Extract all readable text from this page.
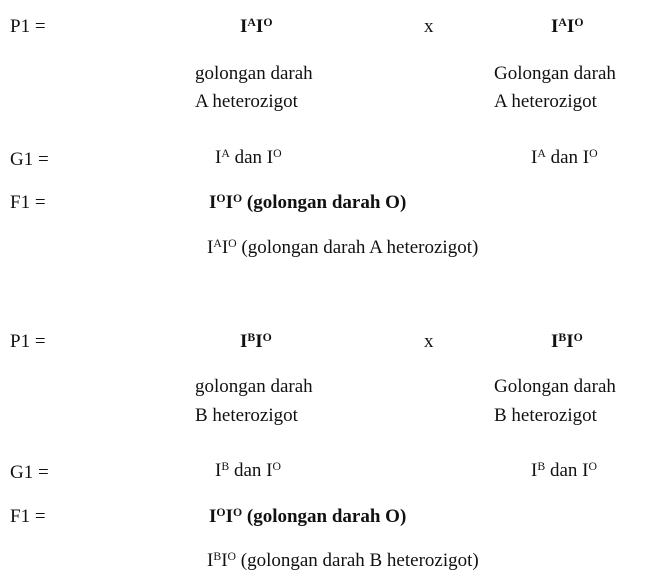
P1 =	$I^AI^O$	x	$I^AI^O$
golongan darah
A heterozigot
Golongan darah
A heterozigot
G1 =	$I^A$ dan $I^O$	$I^A$ dan $I^O$
F1 =	$I^OI^O$ (golongan darah O)
$I^AI^O$ (golongan darah A heterozigot)
P1 =	$I^BI^O$	x	$I^BI^O$
golongan darah
B heterozigot
Golongan darah
B heterozigot
G1 =	$I^B$ dan $I^O$	$I^B$ dan $I^O$
F1 =	$I^OI^O$ (golongan darah O)
$I^BI^O$ (golongan darah B heterozigot)
